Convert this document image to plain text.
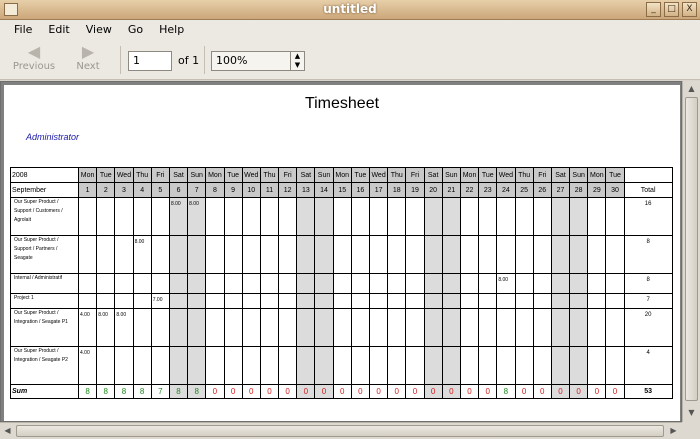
untitled	_	□	X
File	Edit	View	Go	Help
◀
Previous
▶
Next	1	of 1	100%	▲
▼
Timesheet
Administrator
2008	Mon	Tue	Wed	Thu	Fri	Sat	Sun	Mon	Tue	Wed	Thu	Fri	Sat	Sun	Mon	Tue	Wed	Thu	Fri	Sat	Sun	Mon	Tue	Wed	Thu	Fri	Sat	Sun	Mon	Tue	
September	1	2	3	4	5	6	7	8	9	10	11	12	13	14	15	16	17	18	19	20	21	22	23	24	25	26	27	28	29	30	Total
Our Super Product / Support / Customers / Agrolait						8.00	8.00																								16
Our Super Product / Support / Partners / Seagate				8.00																											8
Internal / Administratif																								8.00							8
Project 1					7.00																										7
Our Super Product / Integration / Seagate P1	4.00	8.00	8.00																												20
Our Super Product / Integration / Seagate P2	4.00																														4
Sum	8	8	8	8	7	8	8	0	0	0	0	0	0	0	0	0	0	0	0	0	0	0	0	8	0	0	0	0	0	0	53
▲
▼
◀	▶
